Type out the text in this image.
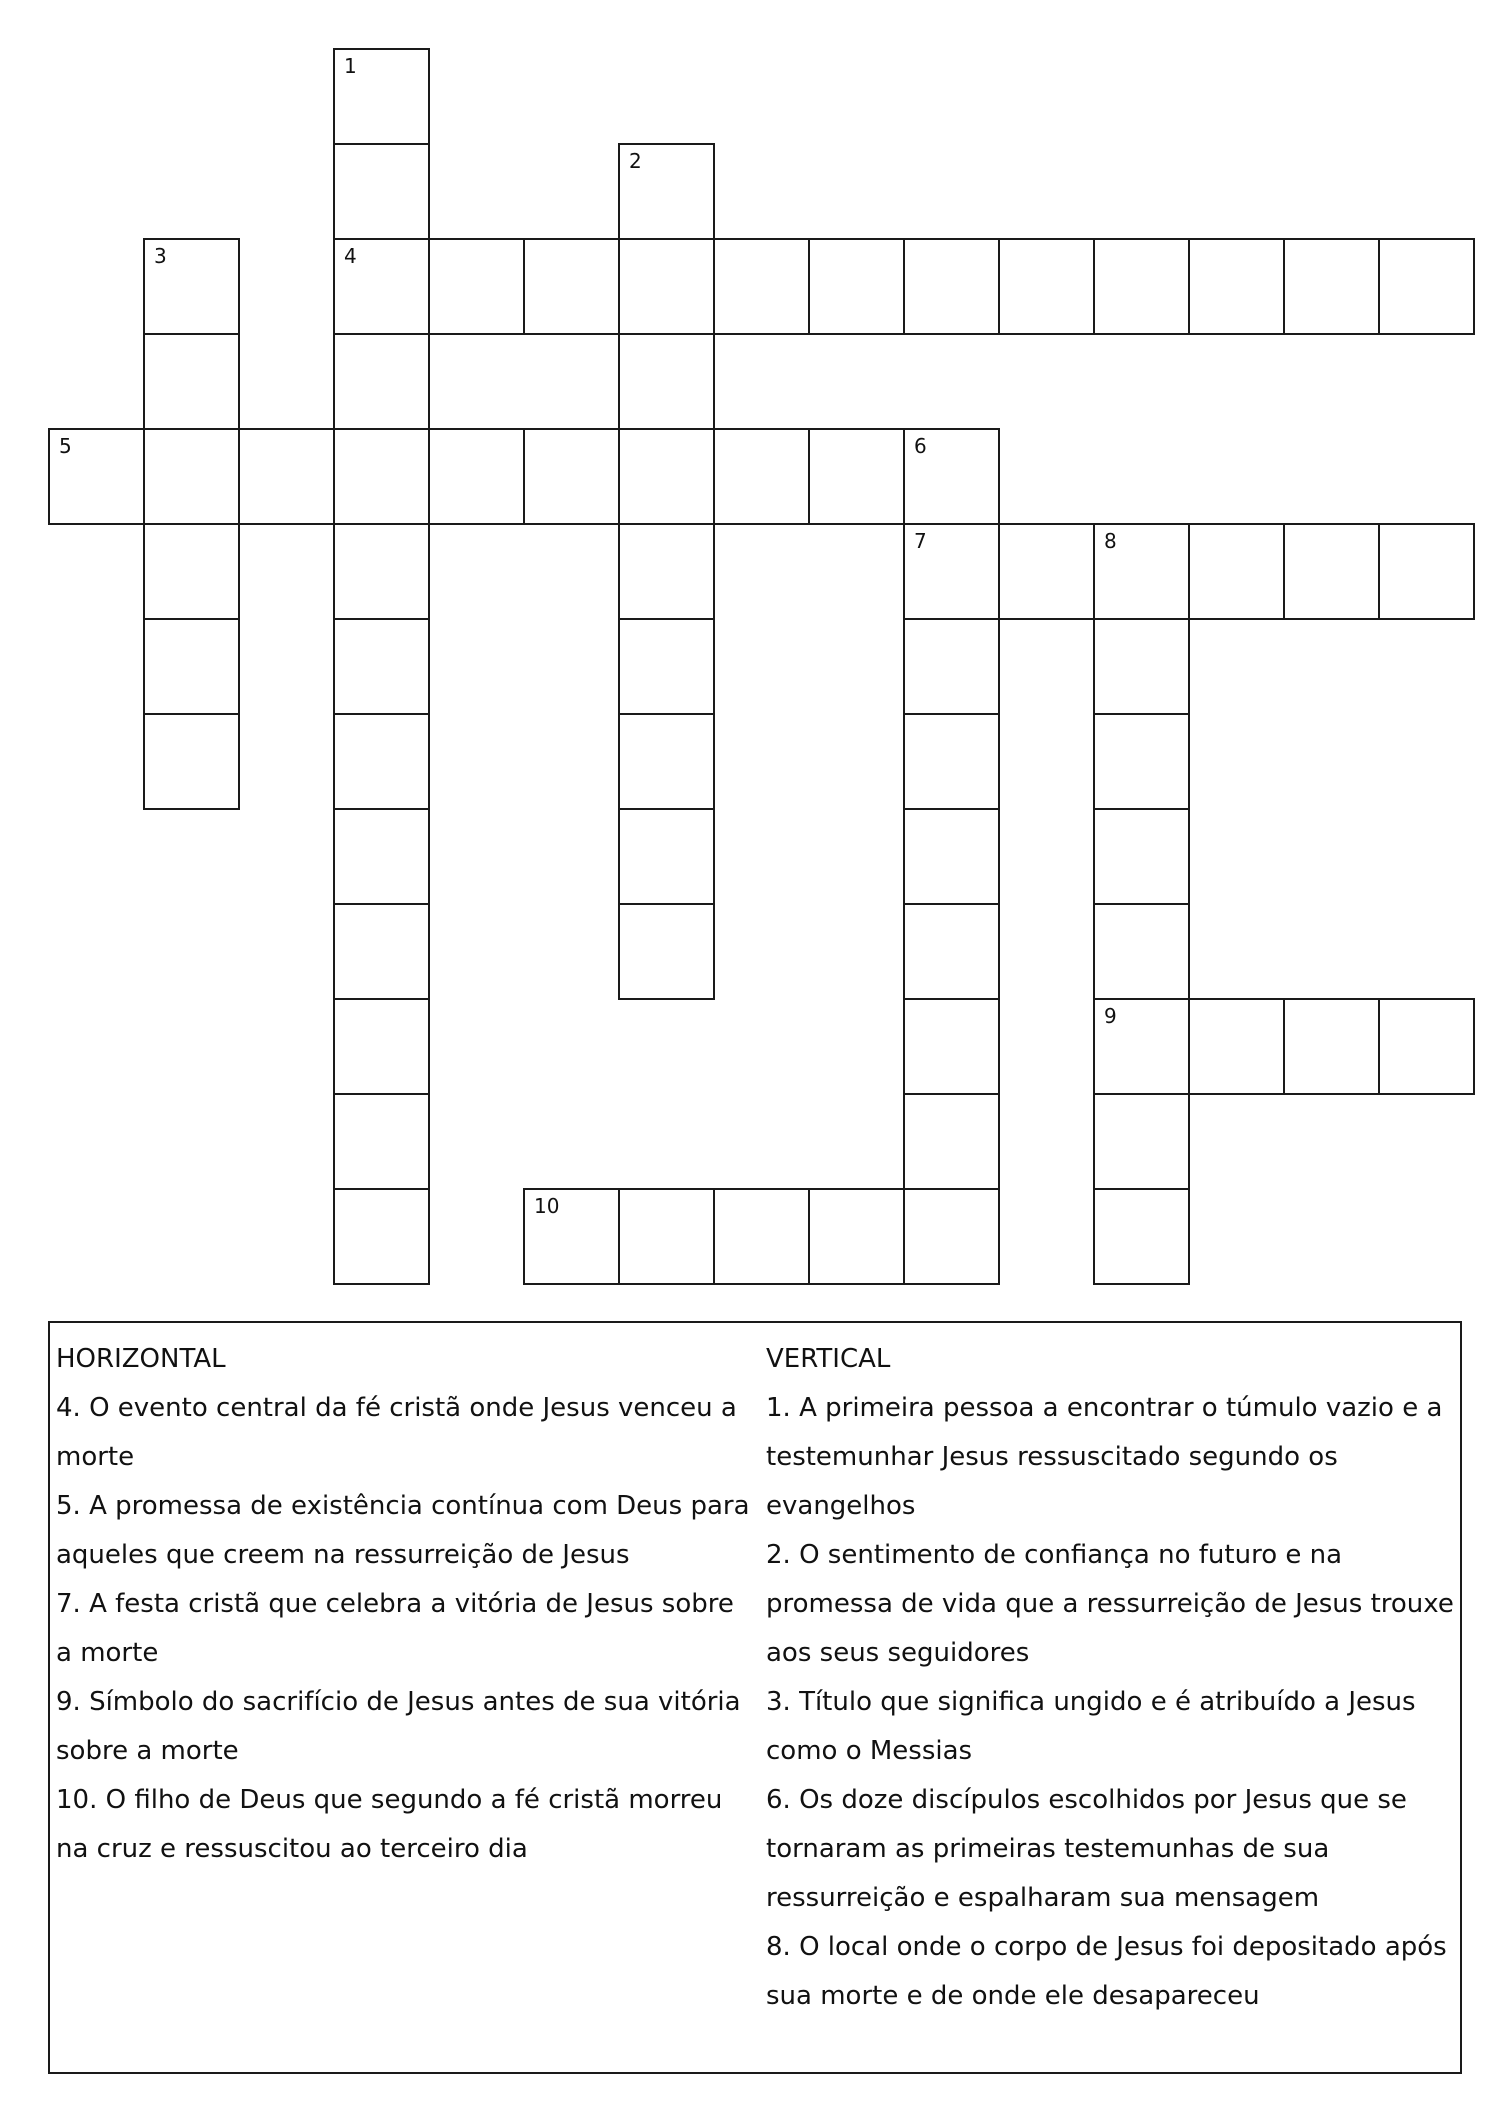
4
5	6
7	8
9
10
1
2
3
HORIZONTAL
4. O evento central da fé cristã onde Jesus venceu a morte
5. A promessa de existência contínua com Deus para aqueles que creem na ressurreição de Jesus
7. A festa cristã que celebra a vitória de Jesus sobre a morte
9. Símbolo do sacrifício de Jesus antes de sua vitória sobre a morte
10. O filho de Deus que segundo a fé cristã morreu na cruz e ressuscitou ao terceiro dia
VERTICAL
1. A primeira pessoa a encontrar o túmulo vazio e a testemunhar Jesus ressuscitado segundo os evangelhos
2. O sentimento de confiança no futuro e na promessa de vida que a ressurreição de Jesus trouxe aos seus seguidores
3. Título que significa ungido e é atribuído a Jesus como o Messias
6. Os doze discípulos escolhidos por Jesus que se tornaram as primeiras testemunhas de sua ressurreição e espalharam sua mensagem
8. O local onde o corpo de Jesus foi depositado após sua morte e de onde ele desapareceu
